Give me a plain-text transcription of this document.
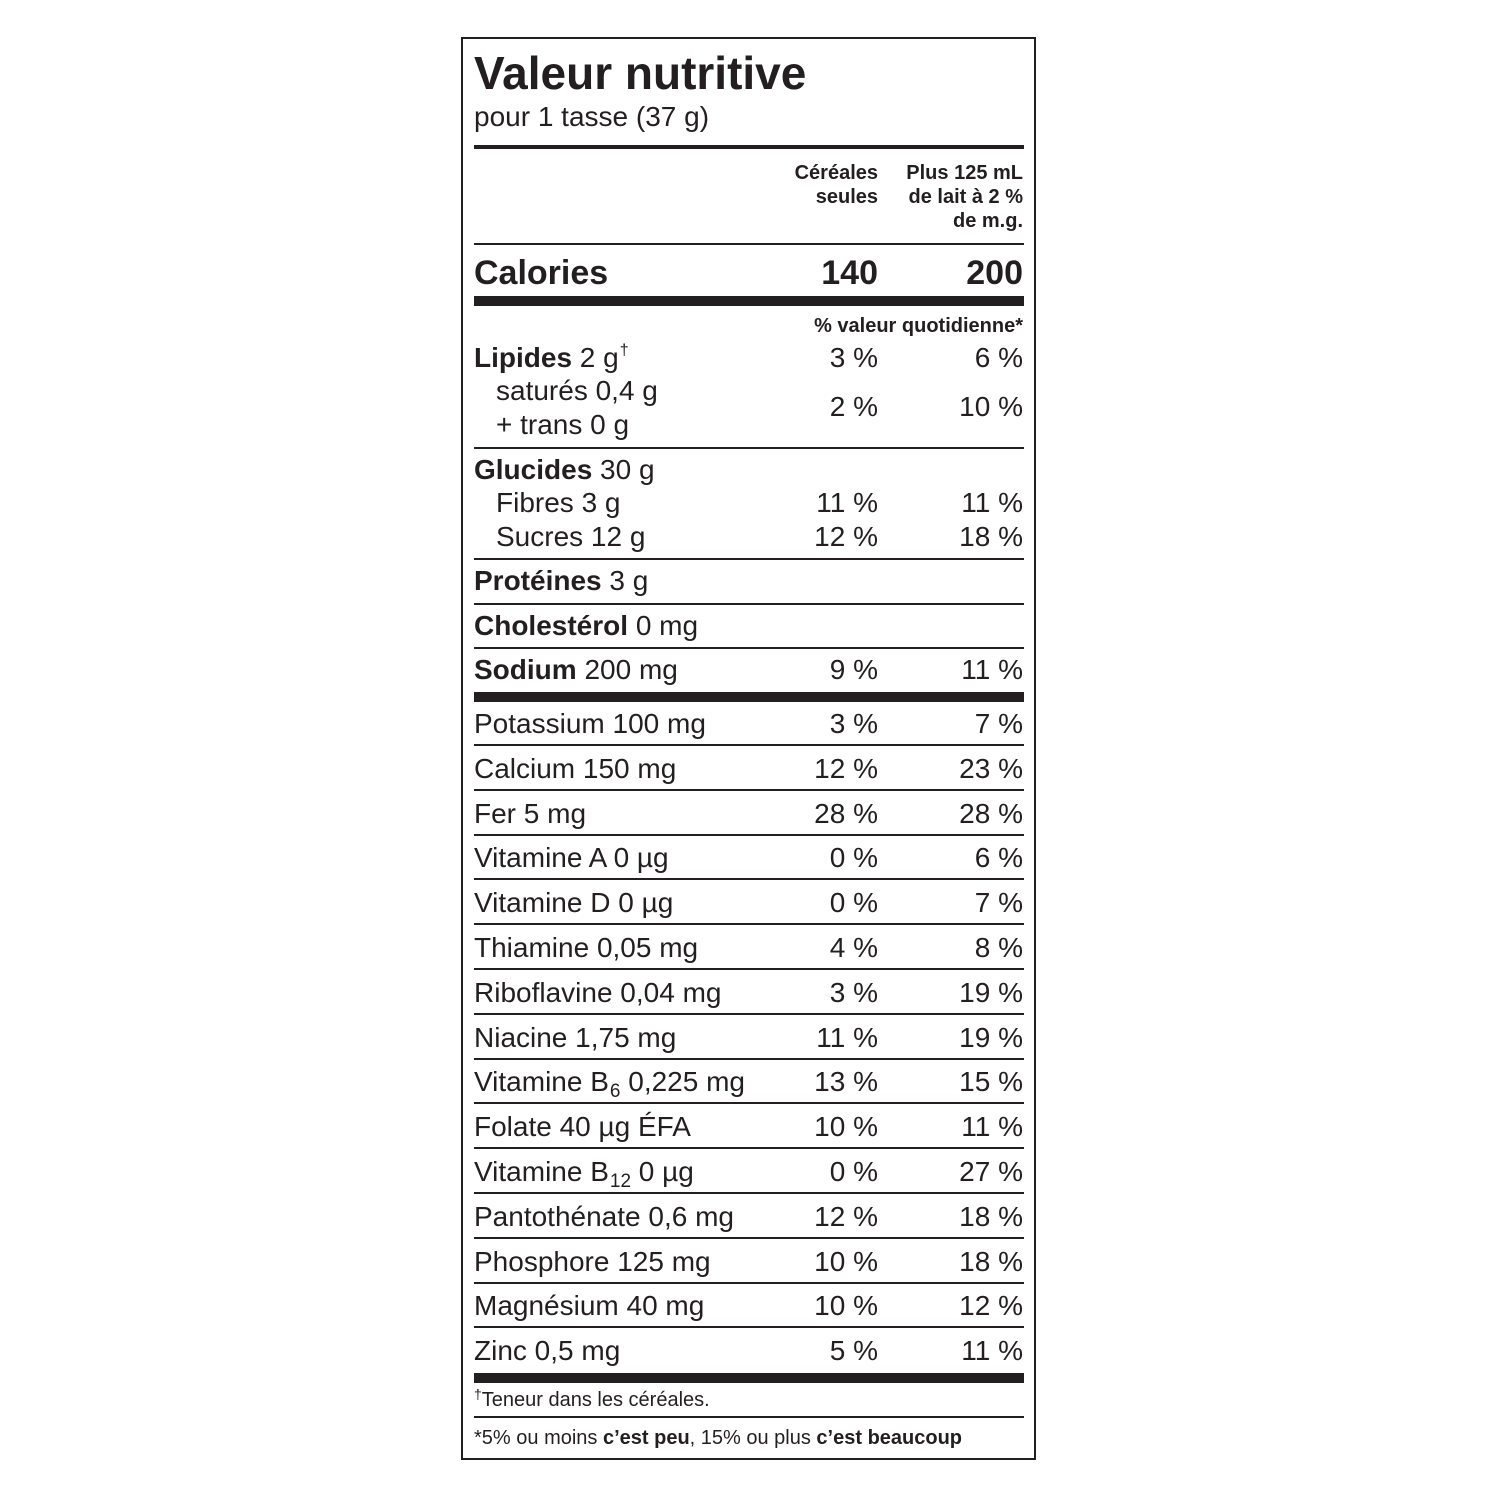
Valeur nutritive
pour 1 tasse (37 g)
Céréales
seules
Plus 125 mL
de lait à 2 %
de m.g.
Calories	140	200
% valeur quotidienne*
Lipides 2 g†	3 %	6 %
saturés 0,4 g
+ trans 0 g
2 %	10 %
Glucides 30 g
Fibres 3 g	11 %	11 %
Sucres 12 g	12 %	18 %
Protéines 3 g
Cholestérol 0 mg
Sodium 200 mg	9 %	11 %
Potassium 100 mg	3 %	7 %
Calcium 150 mg	12 %	23 %
Fer 5 mg	28 %	28 %
Vitamine A 0 µg	0 %	6 %
Vitamine D 0 µg	0 %	7 %
Thiamine 0,05 mg	4 %	8 %
Riboflavine 0,04 mg	3 %	19 %
Niacine 1,75 mg	11 %	19 %
Vitamine $B_6$ 0,225 mg 13 %	15 %
Folate 40 µg ÉFA	10 %	11 %
Vitamine $B_{12}$ 0 µg	0 %	27 %
Pantothénate 0,6 mg	12 %	18 %
Phosphore 125 mg	10 %	18 %
Magnésium 40 mg	10 %	12 %
Zinc 0,5 mg	5 %	11 %
†Teneur dans les céréales.
*5% ou moins c’est peu, 15% ou plus c’est beaucoup
